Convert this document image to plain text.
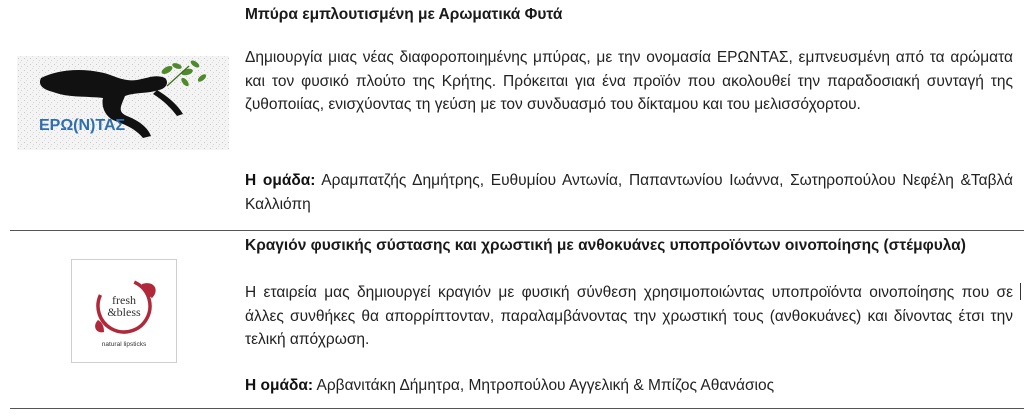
ΕΡΩ(Ν)ΤΑΣ
Μπύρα εμπλουτισμένη με Αρωματικά Φυτά
Δημιουργία μιας νέας διαφοροποιημένης μπύρας, με την ονομασία ΕΡΩΝΤΑΣ, εμπνευσμένη από τα αρώματα και τον φυσικό πλούτο της Κρήτης. Πρόκειται για ένα προϊόν που ακολουθεί την παραδοσιακή συνταγή της ζυθοποιίας, ενισχύοντας τη γεύση με τον συνδυασμό του δίκταμου και του μελισσόχορτου.
Η ομάδα: Αραμπατζής Δημήτρης, Ευθυμίου Αντωνία, Παπαντωνίου Ιωάννα, Σωτηροπούλου Νεφέλη &Ταβλά Καλλιόπη
fresh
&bless
natural lipsticks
Κραγιόν φυσικής σύστασης και χρωστική με ανθοκυάνες υποπροϊόντων οινοποίησης (στέμφυλα)
Η εταιρεία μας δημιουργεί κραγιόν με φυσική σύνθεση χρησιμοποιώντας υποπροϊόντα οινοποίησης που σε άλλες συνθήκες θα απορρίπτονταν, παραλαμβάνοντας την χρωστική τους (ανθοκυάνες) και δίνοντας έτσι την τελική απόχρωση.
Η ομάδα: Αρβανιτάκη Δήμητρα, Μητροπούλου Αγγελική & Μπίζος Αθανάσιος
